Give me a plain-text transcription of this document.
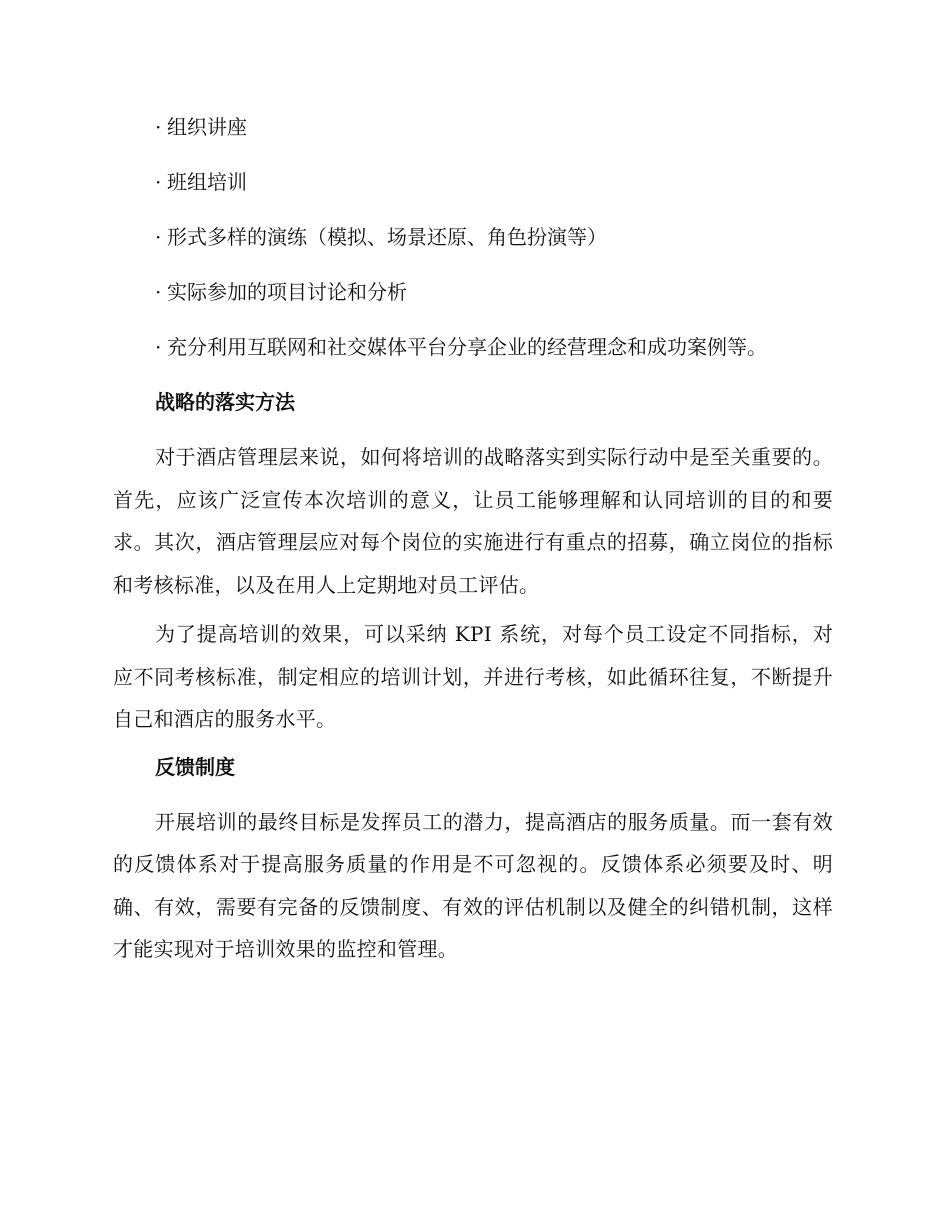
· 组织讲座
· 班组培训
· 形式多样的演练（模拟、场景还原、角色扮演等）
· 实际参加的项目讨论和分析
· 充分利用互联网和社交媒体平台分享企业的经营理念和成功案例等。
战略的落实方法

对于酒店管理层来说，如何将培训的战略落实到实际行动中是至关重要的。首先，应该广泛宣传本次培训的意义，让员工能够理解和认同培训的目的和要求。其次，酒店管理层应对每个岗位的实施进行有重点的招募，确立岗位的指标和考核标准，以及在用人上定期地对员工评估。

为了提高培训的效果，可以采纳 KPI 系统，对每个员工设定不同指标，对应不同考核标准，制定相应的培训计划，并进行考核，如此循环往复，不断提升自己和酒店的服务水平。

反馈制度

开展培训的最终目标是发挥员工的潜力，提高酒店的服务质量。而一套有效的反馈体系对于提高服务质量的作用是不可忽视的。反馈体系必须要及时、明确、有效，需要有完备的反馈制度、有效的评估机制以及健全的纠错机制，这样才能实现对于培训效果的监控和管理。
